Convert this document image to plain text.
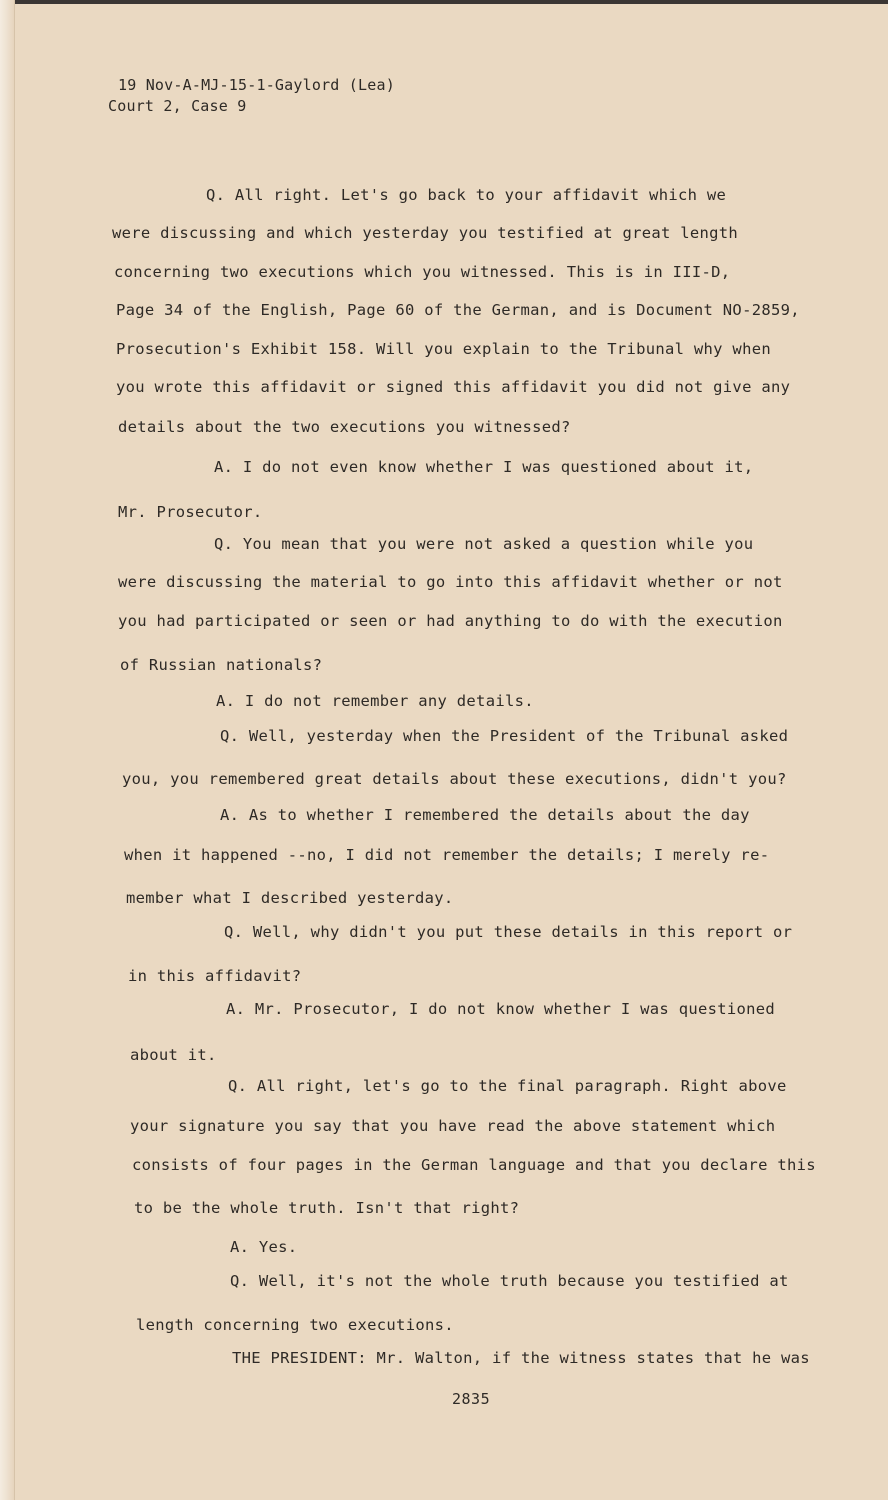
19 Nov-A-MJ-15-1-Gaylord (Lea)
Court 2, Case 9
Q. All right. Let's go back to your affidavit which we
were discussing and which yesterday you testified at great length
concerning two executions which you witnessed. This is in III-D,
Page 34 of the English, Page 60 of the German, and is Document NO-2859,
Prosecution's Exhibit 158. Will you explain to the Tribunal why when
you wrote this affidavit or signed this affidavit you did not give any
details about the two executions you witnessed?
A. I do not even know whether I was questioned about it,
Mr. Prosecutor.
Q. You mean that you were not asked a question while you
were discussing the material to go into this affidavit whether or not
you had participated or seen or had anything to do with the execution
of Russian nationals?
A. I do not remember any details.
Q. Well, yesterday when the President of the Tribunal asked
you, you remembered great details about these executions, didn't you?
A. As to whether I remembered the details about the day
when it happened --no, I did not remember the details; I merely re-
member what I described yesterday.
Q. Well, why didn't you put these details in this report or
in this affidavit?
A. Mr. Prosecutor, I do not know whether I was questioned
about it.
Q. All right, let's go to the final paragraph. Right above
your signature you say that you have read the above statement which
consists of four pages in the German language and that you declare this
to be the whole truth. Isn't that right?
A. Yes.
Q. Well, it's not the whole truth because you testified at
length concerning two executions.
THE PRESIDENT: Mr. Walton, if the witness states that he was
2835
